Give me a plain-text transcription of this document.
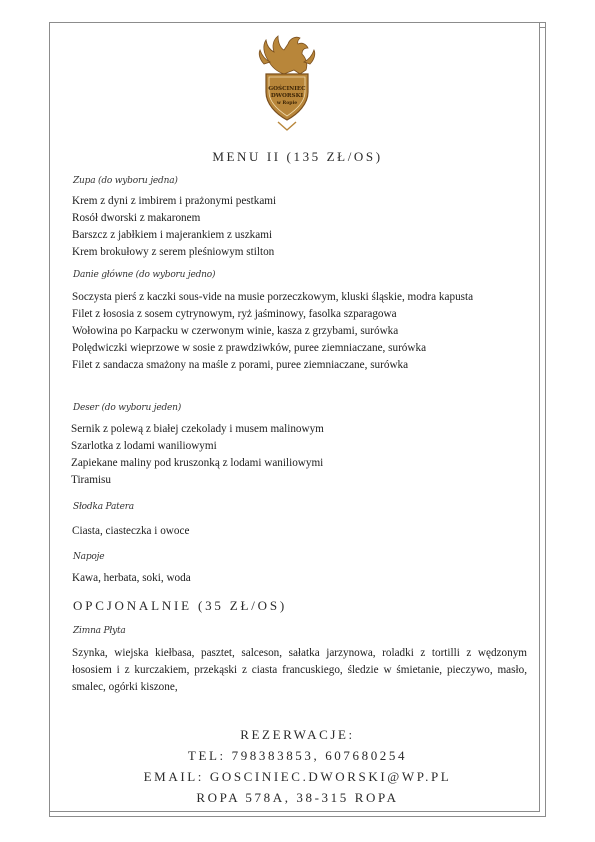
GOŚCINIEC
DWORSKI
w Ropie
MENU II (135 ZŁ/OS)
Zupa (do wyboru jedna)
Krem z dyni z imbirem i prażonymi pestkami
Rosół dworski z makaronem
Barszcz z jabłkiem i majerankiem z uszkami
Krem brokułowy z serem pleśniowym stilton
Danie główne (do wyboru jedno)
Soczysta pierś z kaczki sous-vide na musie porzeczkowym, kluski śląskie, modra kapusta
Filet z łososia z sosem cytrynowym, ryż jaśminowy, fasolka szparagowa
Wołowina po Karpacku w czerwonym winie, kasza z grzybami, surówka
Polędwiczki wieprzowe w sosie z prawdziwków, puree ziemniaczane, surówka
Filet z sandacza smażony na maśle z porami, puree ziemniaczane, surówka
Deser (do wyboru jeden)
Sernik z polewą z białej czekolady i musem malinowym
Szarlotka z lodami waniliowymi
Zapiekane maliny pod kruszonką z lodami waniliowymi
Tiramisu
Słodka Patera
Ciasta, ciasteczka i owoce
Napoje
Kawa, herbata, soki, woda
OPCJONALNIE (35 ZŁ/OS)
Zimna Płyta
Szynka, wiejska kiełbasa, pasztet, salceson, sałatka jarzynowa, roladki z tortilli z wędzonym łososiem i z kurczakiem, przekąski z ciasta francuskiego, śledzie w śmietanie, pieczywo, masło, smalec, ogórki kiszone,
REZERWACJE:
TEL: 798383853, 607680254
EMAIL: GOSCINIEC.DWORSKI@WP.PL
ROPA 578A, 38-315 ROPA
